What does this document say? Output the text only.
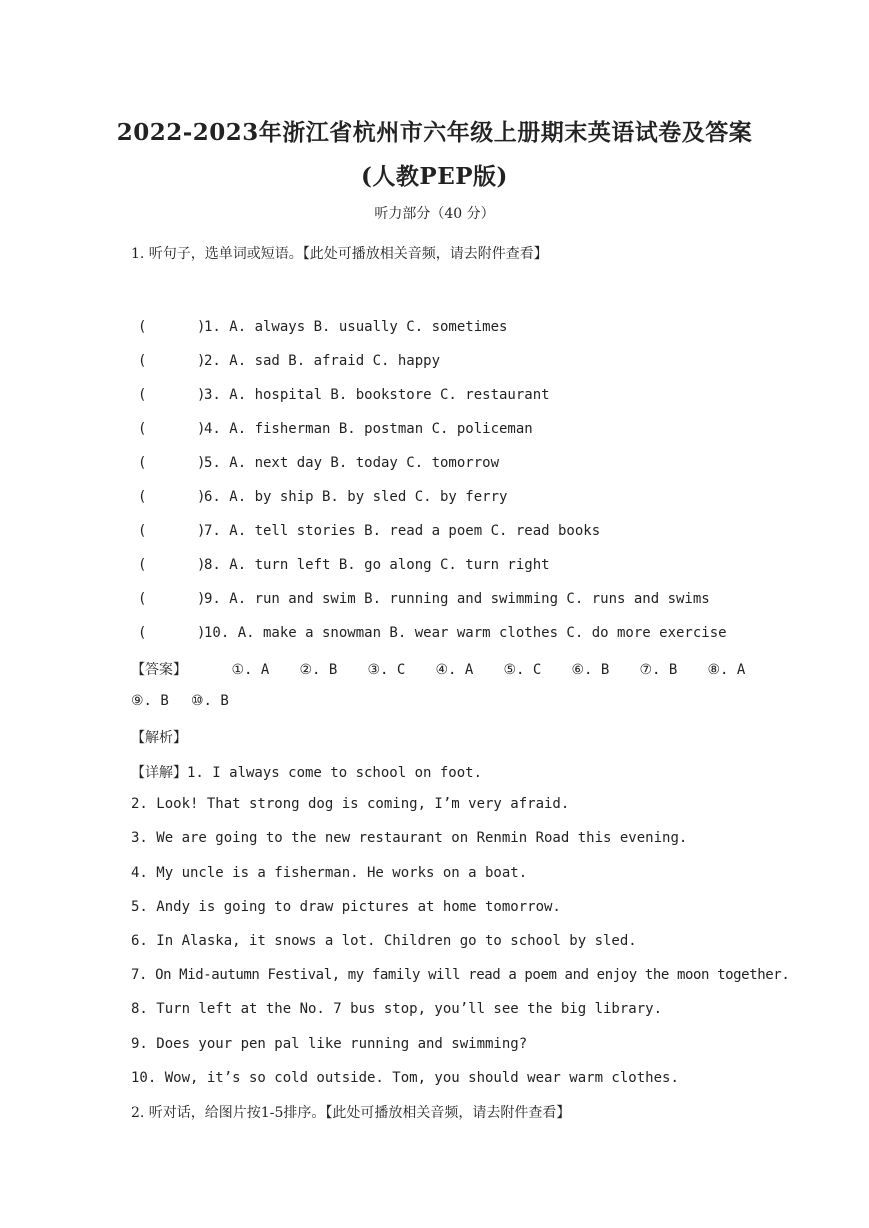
2022-2023年浙江省杭州市六年级上册期末英语试卷及答案
(人教PEP版)
听力部分（40 分）
1. 听句子，选单词或短语。【此处可播放相关音频，请去附件查看】
(      )1. A. always B. usually C. sometimes
(      )2. A. sad B. afraid C. happy
(      )3. A. hospital B. bookstore C. restaurant
(      )4. A. fisherman B. postman C. policeman
(      )5. A. next day B. today C. tomorrow
(      )6. A. by ship B. by sled C. by ferry
(      )7. A. tell stories B. read a poem C. read books
(      )8. A. turn left B. go along C. turn right
(      )9. A. run and swim B. running and swimming C. runs and swims
(      )10. A. make a snowman B. wear warm clothes C. do more exercise
【答案】	①. A ②. B ③. C ④. A ⑤. C ⑥. B ⑦. B ⑧. A
⑨. B ⑩. B
【解析】
【详解】1. I always come to school on foot.
2. Look! That strong dog is coming, I’m very afraid.
3. We are going to the new restaurant on Renmin Road this evening.
4. My uncle is a fisherman. He works on a boat.
5. Andy is going to draw pictures at home tomorrow.
6. In Alaska, it snows a lot. Children go to school by sled.
7. On Mid-autumn Festival, my family will read a poem and enjoy the moon together.
8. Turn left at the No. 7 bus stop, you’ll see the big library.
9. Does your pen pal like running and swimming?
10. Wow, it’s so cold outside. Tom, you should wear warm clothes.
2. 听对话，给图片按1-5排序。【此处可播放相关音频，请去附件查看】
